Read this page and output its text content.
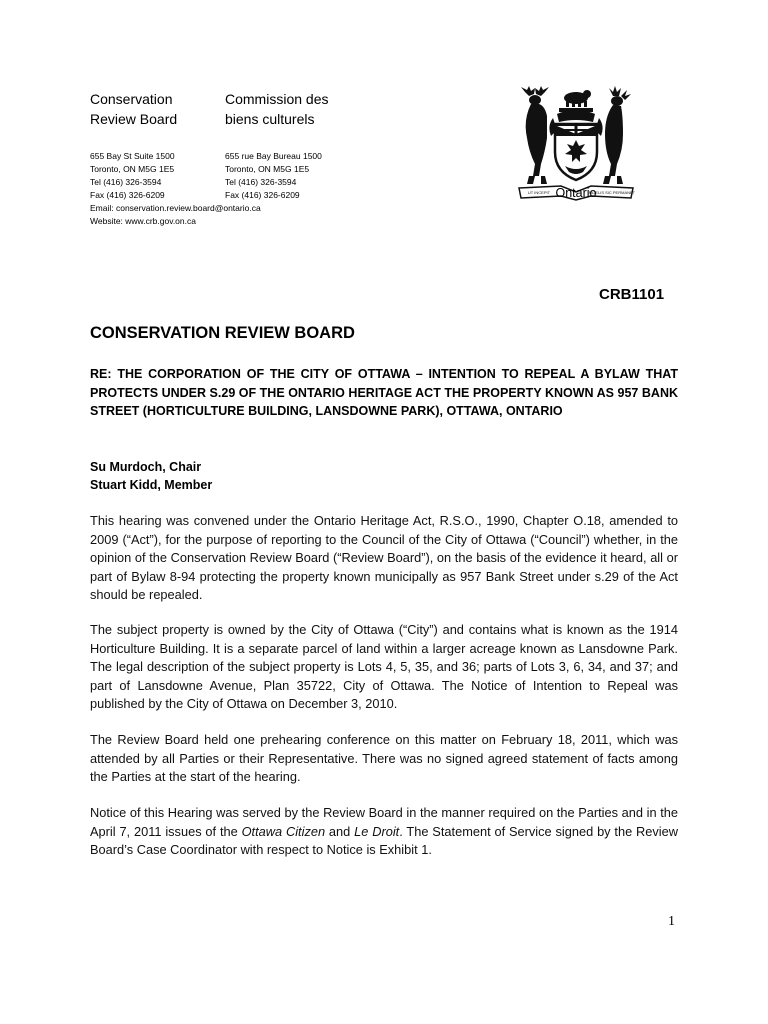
Conservation
Review Board
Commission des
biens culturels
655 Bay St Suite 1500
Toronto, ON M5G 1E5
Tel (416) 326-3594
Fax (416) 326-6209
655 rue Bay Bureau 1500
Toronto, ON M5G 1E5
Tel (416) 326-3594
Fax (416) 326-6209
Email: conservation.review.board@ontario.ca
Website: www.crb.gov.on.ca
UT INCEPIT	FIDELIS SIC PERMANET
Ontario
CRB1101
CONSERVATION REVIEW BOARD
RE: THE CORPORATION OF THE CITY OF OTTAWA – INTENTION TO REPEAL A BYLAW THAT PROTECTS UNDER S.29 OF THE ONTARIO HERITAGE ACT THE PROPERTY KNOWN AS 957 BANK STREET (HORTICULTURE BUILDING, LANSDOWNE PARK), OTTAWA, ONTARIO
Su Murdoch, Chair
Stuart Kidd, Member
This hearing was convened under the Ontario Heritage Act, R.S.O., 1990, Chapter O.18, amended to 2009 (“Act”), for the purpose of reporting to the Council of the City of Ottawa (“Council”) whether, in the opinion of the Conservation Review Board (“Review Board”), on the basis of the evidence it heard, all or part of Bylaw 8-94 protecting the property known municipally as 957 Bank Street under s.29 of the Act should be repealed.
The subject property is owned by the City of Ottawa (“City”) and contains what is known as the 1914 Horticulture Building. It is a separate parcel of land within a larger acreage known as Lansdowne Park. The legal description of the subject property is Lots 4, 5, 35, and 36; parts of Lots 3, 6, 34, and 37; and part of Lansdowne Avenue, Plan 35722, City of Ottawa. The Notice of Intention to Repeal was published by the City of Ottawa on December 3, 2010.
The Review Board held one prehearing conference on this matter on February 18, 2011, which was attended by all Parties or their Representative. There was no signed agreed statement of facts among the Parties at the start of the hearing.
Notice of this Hearing was served by the Review Board in the manner required on the Parties and in the April 7, 2011 issues of the Ottawa Citizen and Le Droit. The Statement of Service signed by the Review Board’s Case Coordinator with respect to Notice is Exhibit 1.
1
